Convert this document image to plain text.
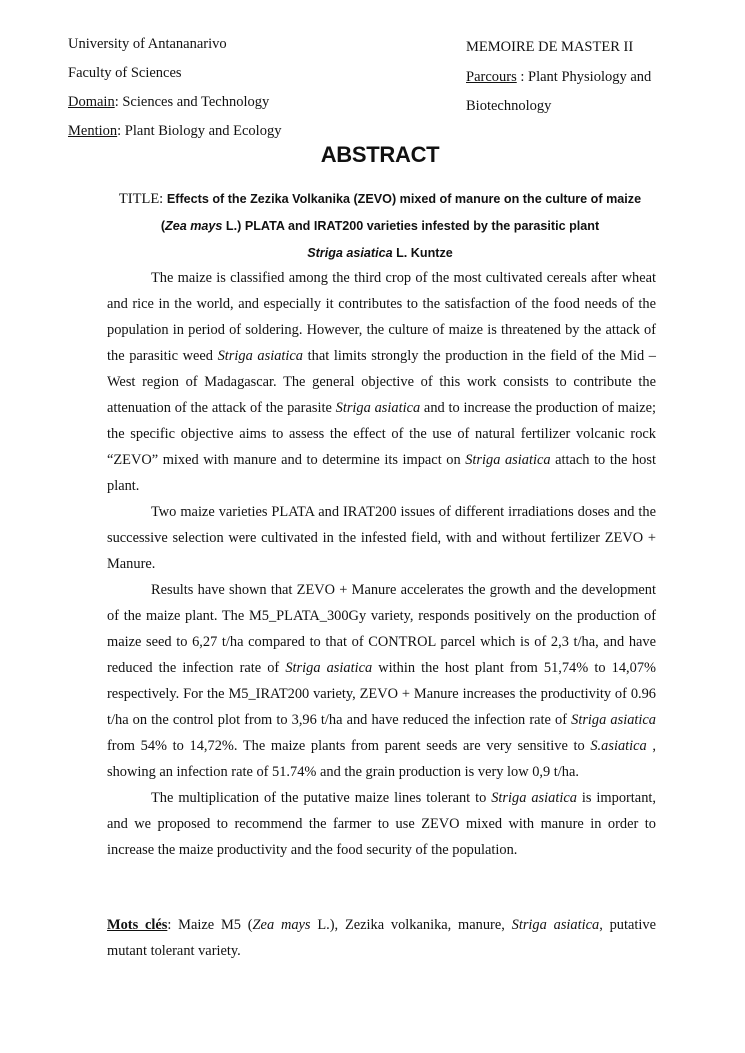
University of Antananarivo
Faculty of Sciences
Domain: Sciences and Technology
Mention: Plant Biology and Ecology
MEMOIRE DE MASTER II
Parcours : Plant Physiology and
Biotechnology
ABSTRACT
TITLE: Effects of the Zezika Volkanika (ZEVO) mixed of manure on the culture of maize
(Zea mays L.) PLATA and IRAT200 varieties infested by the parasitic plant
Striga asiatica L. Kuntze

The maize is classified among the third crop of the most cultivated cereals after wheat and rice in the world, and especially it contributes to the satisfaction of the food needs of the population in period of soldering. However, the culture of maize is threatened by the attack of the parasitic weed Striga asiatica that limits strongly the production in the field of the Mid – West region of Madagascar. The general objective of this work consists to contribute the attenuation of the attack of the parasite Striga asiatica and to increase the production of maize; the specific objective aims to assess the effect of the use of natural fertilizer volcanic rock “ZEVO” mixed with manure and to determine its impact on Striga asiatica attach to the host plant.

Two maize varieties PLATA and IRAT200 issues of different irradiations doses and the successive selection were cultivated in the infested field, with and without fertilizer ZEVO + Manure.

Results have shown that ZEVO + Manure accelerates the growth and the development of the maize plant. The M5_PLATA_300Gy variety, responds positively on the production of maize seed to 6,27 t/ha compared to that of CONTROL parcel which is of 2,3 t/ha, and have reduced the infection rate of Striga asiatica within the host plant from 51,74% to 14,07% respectively. For the M5_IRAT200 variety, ZEVO + Manure increases the productivity of 0.96 t/ha on the control plot from to 3,96 t/ha and have reduced the infection rate of Striga asiatica from 54% to 14,72%. The maize plants from parent seeds are very sensitive to S.asiatica , showing an infection rate of 51.74% and the grain production is very low 0,9 t/ha.

The multiplication of the putative maize lines tolerant to Striga asiatica is important, and we proposed to recommend the farmer to use ZEVO mixed with manure in order to increase the maize productivity and the food security of the population.

Mots clés: Maize M5 (Zea mays L.), Zezika volkanika, manure, Striga asiatica, putative mutant tolerant variety.
